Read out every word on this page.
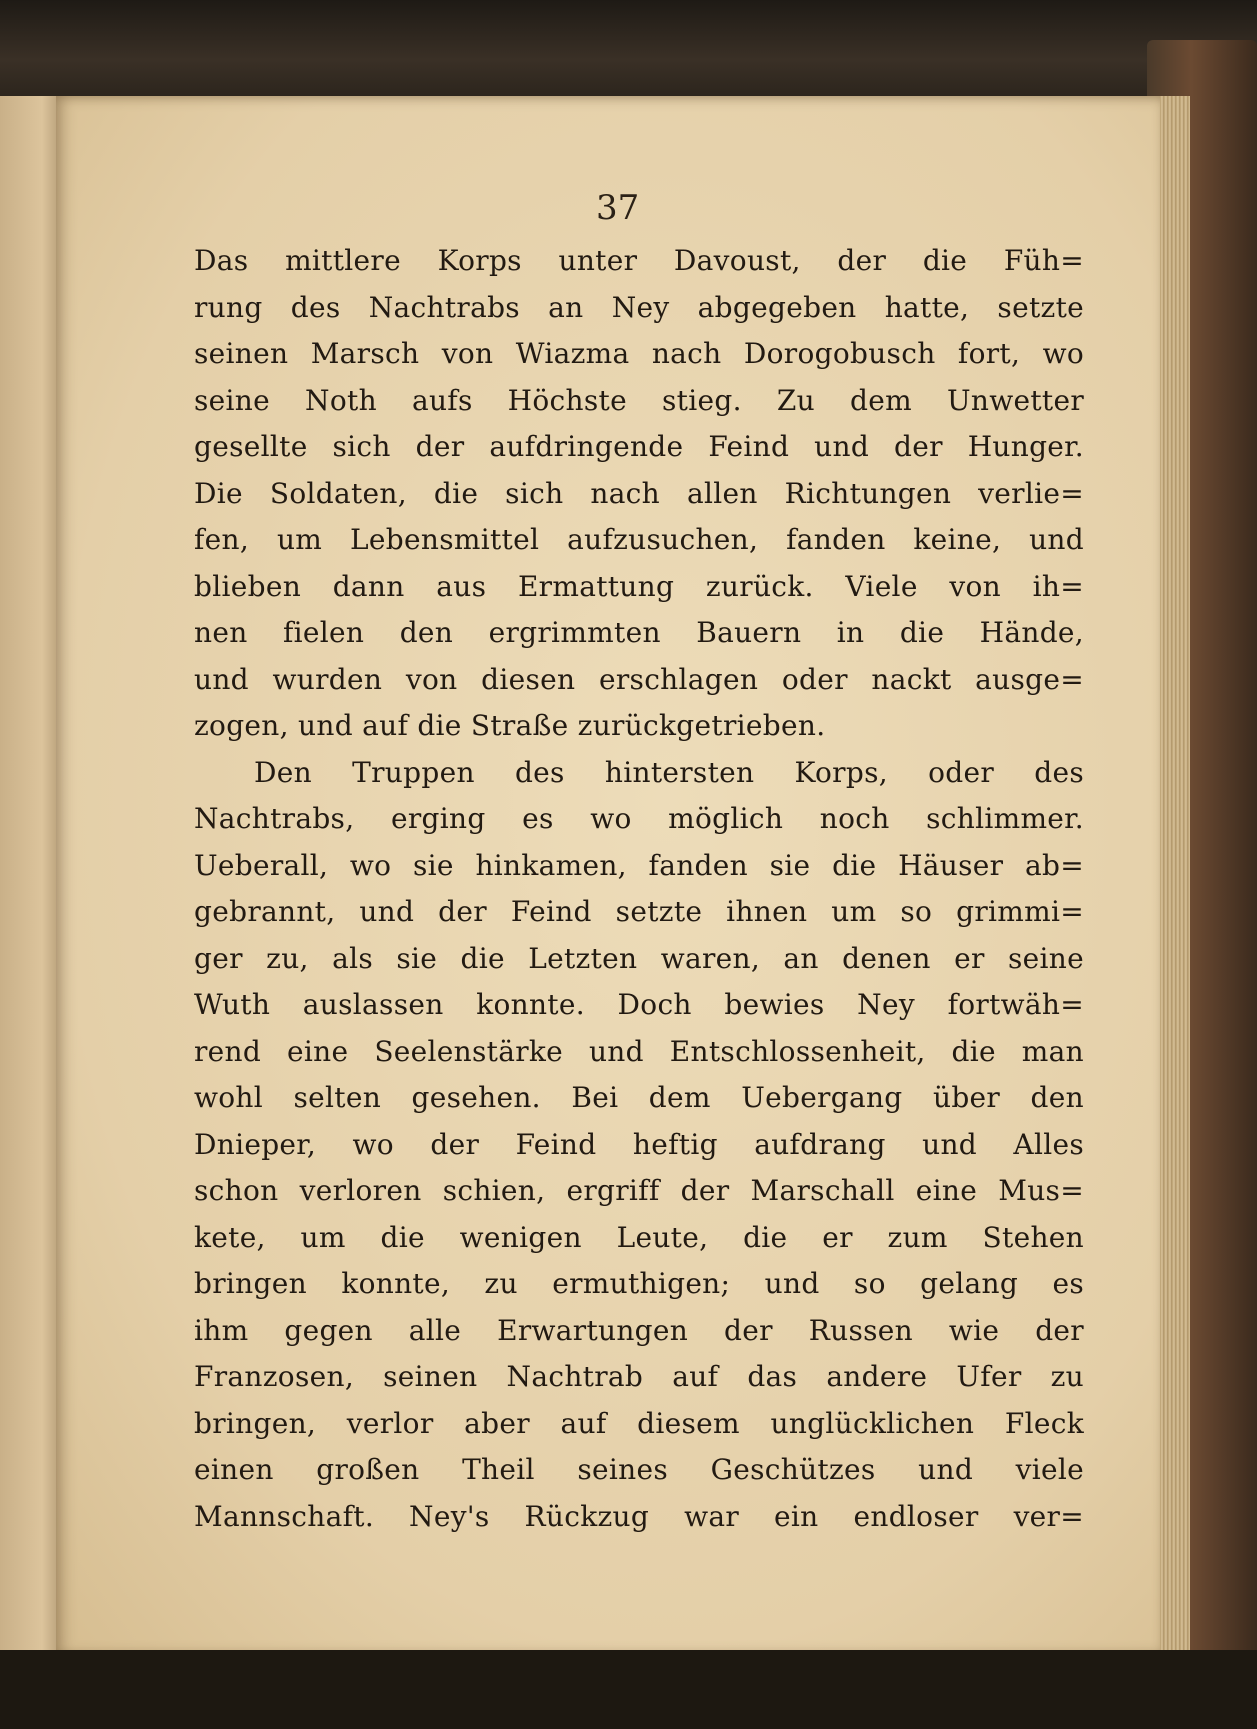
37
Das mittlere Korps unter Davoust, der die Füh=
rung des Nachtrabs an Ney abgegeben hatte, setzte
seinen Marsch von Wiazma nach Dorogobusch fort, wo
seine Noth aufs Höchste stieg. Zu dem Unwetter
gesellte sich der aufdringende Feind und der Hunger.
Die Soldaten, die sich nach allen Richtungen verlie=
fen, um Lebensmittel aufzusuchen, fanden keine, und
blieben dann aus Ermattung zurück. Viele von ih=
nen fielen den ergrimmten Bauern in die Hände,
und wurden von diesen erschlagen oder nackt ausge=
zogen, und auf die Straße zurückgetrieben.
Den Truppen des hintersten Korps, oder des
Nachtrabs, erging es wo möglich noch schlimmer.
Ueberall, wo sie hinkamen, fanden sie die Häuser ab=
gebrannt, und der Feind setzte ihnen um so grimmi=
ger zu, als sie die Letzten waren, an denen er seine
Wuth auslassen konnte. Doch bewies Ney fortwäh=
rend eine Seelenstärke und Entschlossenheit, die man
wohl selten gesehen. Bei dem Uebergang über den
Dnieper, wo der Feind heftig aufdrang und Alles
schon verloren schien, ergriff der Marschall eine Mus=
kete, um die wenigen Leute, die er zum Stehen
bringen konnte, zu ermuthigen; und so gelang es
ihm gegen alle Erwartungen der Russen wie der
Franzosen, seinen Nachtrab auf das andere Ufer zu
bringen, verlor aber auf diesem unglücklichen Fleck
einen großen Theil seines Geschützes und viele
Mannschaft. Ney's Rückzug war ein endloser ver=
